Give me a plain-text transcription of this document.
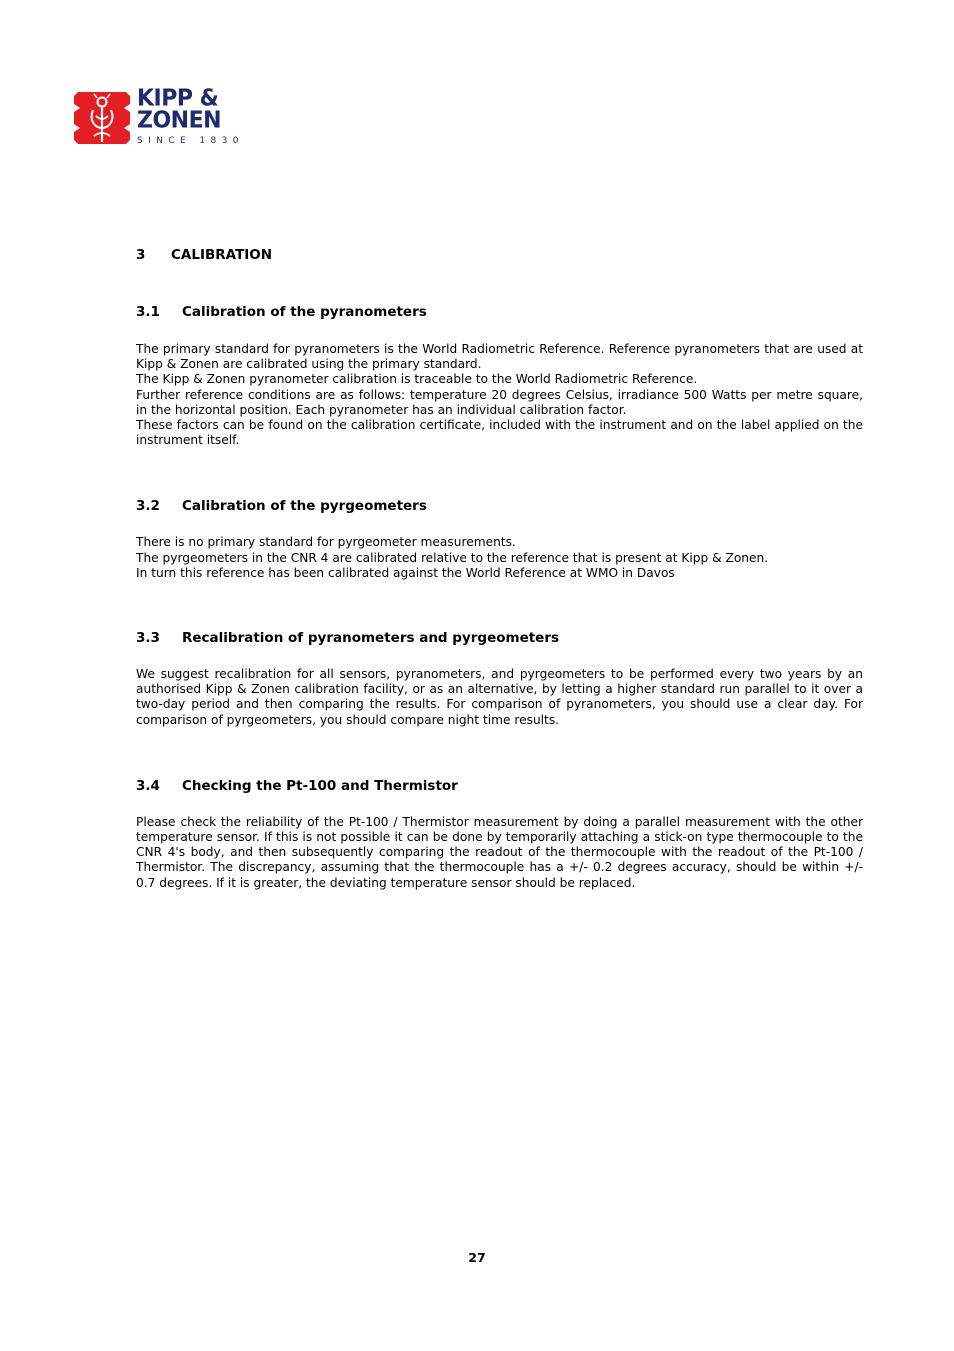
KIPP &
ZONEN
SINCE 1830
3	CALIBRATION
3.1	Calibration of the pyranometers

The primary standard for pyranometers is the World Radiometric Reference. Reference pyranometers that are used at Kipp & Zonen are calibrated using the primary standard.

The Kipp & Zonen pyranometer calibration is traceable to the World Radiometric Reference.

Further reference conditions are as follows: temperature 20 degrees Celsius, irradiance 500 Watts per metre square, in the horizontal position. Each pyranometer has an individual calibration factor.

These factors can be found on the calibration certificate, included with the instrument and on the label applied on the instrument itself.

3.2	Calibration of the pyrgeometers

There is no primary standard for pyrgeometer measurements.

The pyrgeometers in the CNR 4 are calibrated relative to the reference that is present at Kipp & Zonen.

In turn this reference has been calibrated against the World Reference at WMO in Davos

3.3	Recalibration of pyranometers and pyrgeometers

We suggest recalibration for all sensors, pyranometers, and pyrgeometers to be performed every two years by an authorised Kipp & Zonen calibration facility, or as an alternative, by letting a higher standard run parallel to it over a two-day period and then comparing the results. For comparison of pyranometers, you should use a clear day. For comparison of pyrgeometers, you should compare night time results.

3.4	Checking the Pt-100 and Thermistor

Please check the reliability of the Pt-100 / Thermistor measurement by doing a parallel measurement with the other temperature sensor. If this is not possible it can be done by temporarily attaching a stick-on type thermocouple to the CNR 4's body, and then subsequently comparing the readout of the thermocouple with the readout of the Pt-100 / Thermistor. The discrepancy, assuming that the thermocouple has a +/- 0.2 degrees accuracy, should be within +/- 0.7 degrees. If it is greater, the deviating temperature sensor should be replaced.

27
